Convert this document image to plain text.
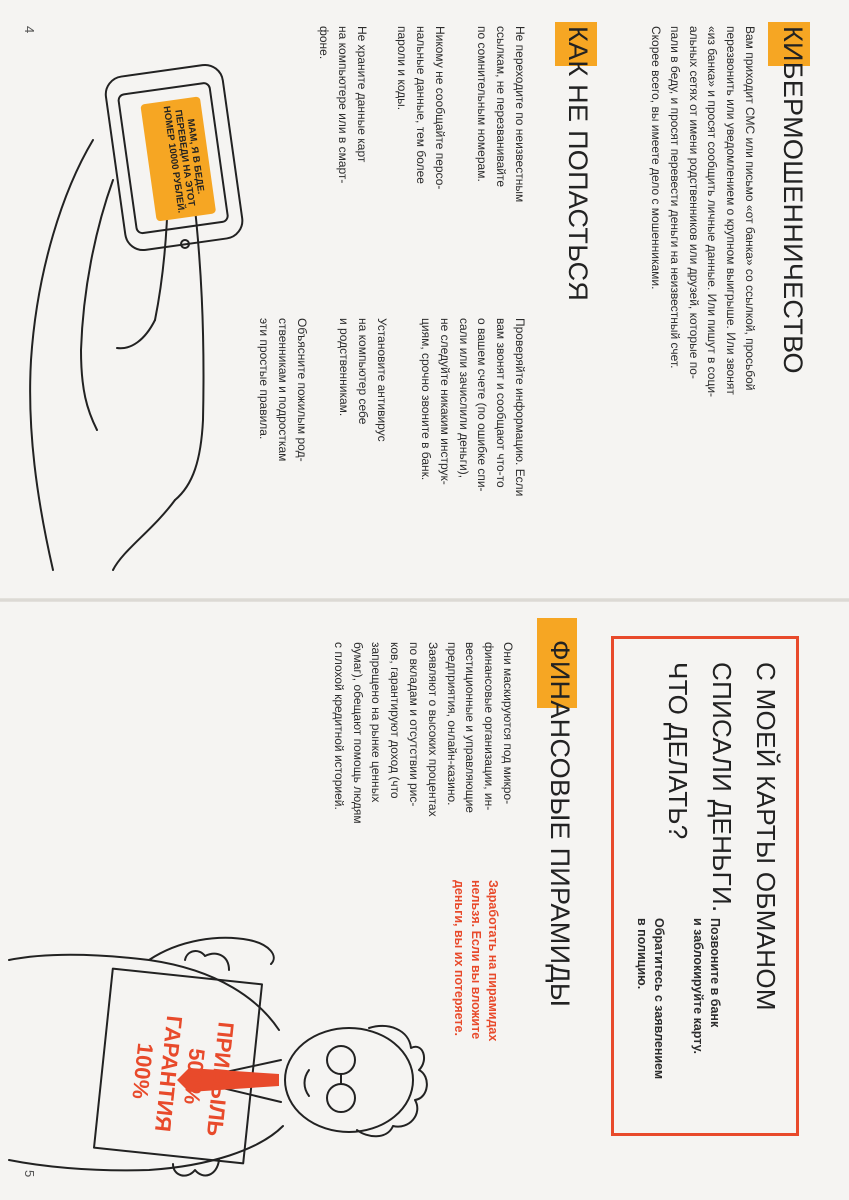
КИБЕРМОШЕННИЧЕСТВО
Вам приходит СМС или письмо «от банка» со ссылкой, просьбой
перезвонить или уведомлением о крупном выигрыше. Или звонят
«из банка» и просят сообщить личные данные. Или пишут в соци-
альных сетях от имени родственников или друзей, которые по-
пали в беду, и просят перевести деньги на неизвестный счет.
Скорее всего, вы имеете дело с мошенниками.
КАК НЕ ПОПАСТЬСЯ
Не переходите по неизвестным
ссылкам, не перезванивайте
по сомнительным номерам.
Никому не сообщайте персо-
нальные данные, тем более
пароли и коды.
Не храните данные карт
на компьютере или в смарт-
фоне.
Проверяйте информацию. Если
вам звонят и сообщают что-то
о вашем счете (по ошибке спи-
сали или зачислили деньги),
не следуйте никаким инструк-
циям, срочно звоните в банк.
Установите антивирус
на компьютер себе
и родственникам.
Объясните пожилым род-
ственникам и подросткам
эти простые правила.
МАМ, Я В БЕДЕ. ПЕРЕВЕДИ НА ЭТОТ НОМЕР 10000 РУБЛЕЙ.
4
С МОЕЙ КАРТЫ ОБМАНОМ
СПИСАЛИ ДЕНЬГИ.
ЧТО ДЕЛАТЬ?
Позвоните в банк
и заблокируйте карту.
Обратитесь с заявлением
в полицию.
ФИНАНСОВЫЕ ПИРАМИДЫ
Они маскируются под микро-
финансовые организации, ин-
вестиционные и управляющие
предприятия, онлайн-казино.
Заявляют о высоких процентах
по вкладам и отсутствии рис-
ков, гарантируют доход (что
запрещено на рынке ценных
бумаг), обещают помощь людям
с плохой кредитной историей.
Заработать на пирамидах
нельзя. Если вы вложите
деньги, вы их потеряете.
ПРИБЫЛЬ
500%
ГАРАНТИЯ
100%
5
